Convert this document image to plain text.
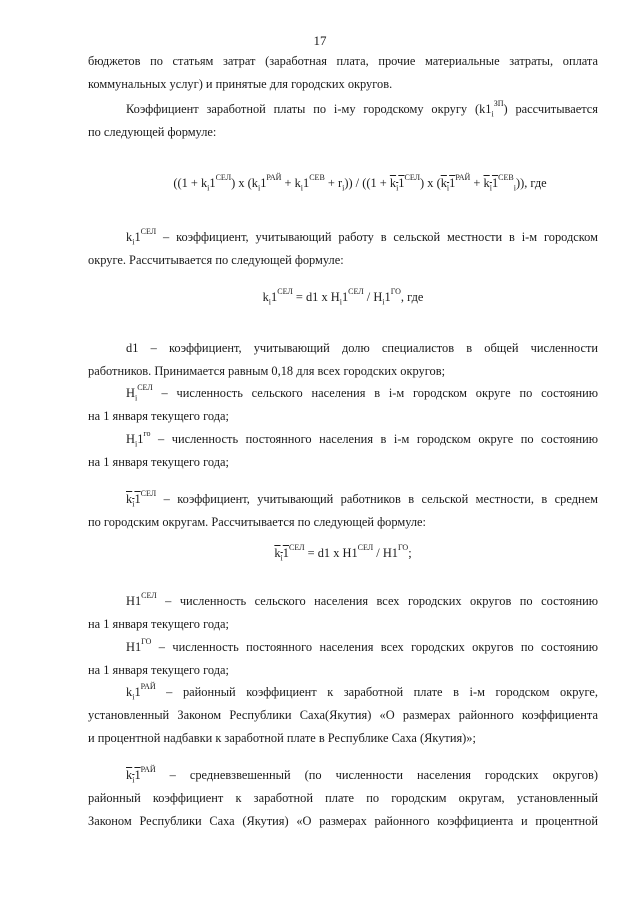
17

бюджетов по статьям затрат (заработная плата, прочие материальные затраты, оплата

коммунальных услуг) и принятые для городских округов.

Коэффициент заработной платы по i-му городскому округу $(k1_i^{ЗП})$ рассчитывается

по следующей формуле:

($(1 + k_i1^{СЕЛ})$ х $(k_i1^{РАЙ} + k_i1^{СЕВ} + r_i)) / ((1 + k_i1^{СЕЛ})$ х $(k_i1^{РАЙ} + k_i1^{СЕВ}_i)$), где

$k_i1^{СЕЛ}$ – коэффициент, учитывающий работу в сельской местности в i-м городском

округе. Рассчитывается по следующей формуле:

$k_i1^{СЕЛ} = d1$ х $H_i1^{СЕЛ} / H_i1^{ГО}$, где

d1 – коэффициент, учитывающий долю специалистов в общей численности

работников. Принимается равным 0,18 для всех городских округов;

$H_i^{СЕЛ}$ – численность сельского населения в i-м городском округе по состоянию

на 1 января текущего года;

$H_i1^{го}$ – численность постоянного населения в i-м городском округе по состоянию

на 1 января текущего года;

$k_i1^{СЕЛ}$ – коэффициент, учитывающий работников в сельской местности, в среднем

по городским округам. Рассчитывается по следующей формуле:

$k_i1^{СЕЛ} = d1$ х $H1^{СЕЛ} / H1^{ГО}$;

$H1^{СЕЛ}$ – численность сельского населения всех городских округов по состоянию

на 1 января текущего года;

$H1^{ГО}$ – численность постоянного населения всех городских округов по состоянию

на 1 января текущего года;

$k_i1^{РАЙ}$ – районный коэффициент к заработной плате в i-м городском округе,

установленный Законом Республики Саха(Якутия) «О размерах районного коэффициента

и процентной надбавки к заработной плате в Республике Саха (Якутия)»;

$k_i1^{РАЙ}$ – средневзвешенный (по численности населения городских округов)

районный коэффициент к заработной плате по городским округам, установленный

Законом Республики Саха (Якутия) «О размерах районного коэффициента и процентной
